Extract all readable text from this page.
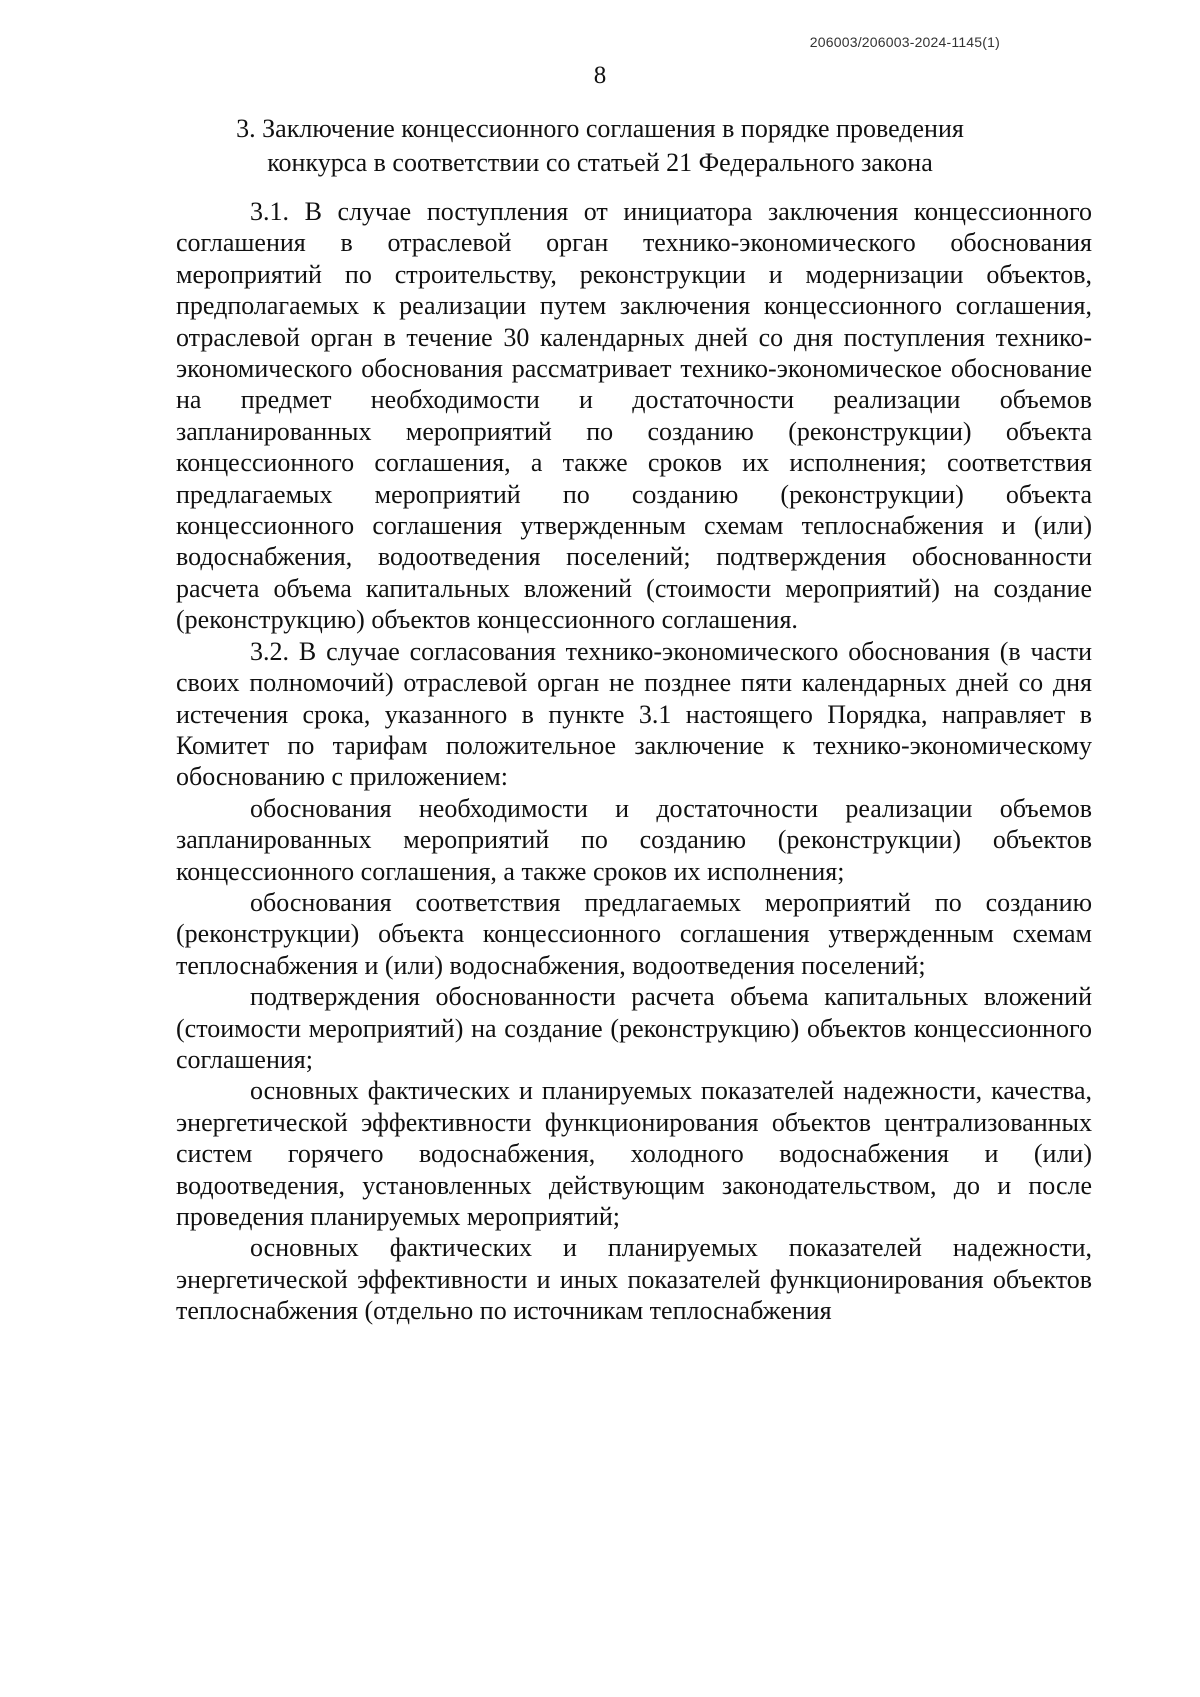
206003/206003-2024-1145(1)
8
3. Заключение концессионного соглашения в порядке проведения
конкурса в соответствии со статьей 21 Федерального закона

3.1. В случае поступления от инициатора заключения концессионного соглашения в отраслевой орган технико-экономического обоснования мероприятий по строительству, реконструкции и модернизации объектов, предполагаемых к реализации путем заключения концессионного соглашения, отраслевой орган в течение 30 календарных дней со дня поступления технико-экономического обоснования рассматривает технико-экономическое обоснование на предмет необходимости и достаточности реализации объемов запланированных мероприятий по созданию (реконструкции) объекта концессионного соглашения, а также сроков их исполнения; соответствия предлагаемых мероприятий по созданию (реконструкции) объекта концессионного соглашения утвержденным схемам теплоснабжения и (или) водоснабжения, водоотведения поселений; подтверждения обоснованности расчета объема капитальных вложений (стоимости мероприятий) на создание (реконструкцию) объектов концессионного соглашения.

3.2. В случае согласования технико-экономического обоснования (в части своих полномочий) отраслевой орган не позднее пяти календарных дней со дня истечения срока, указанного в пункте 3.1 настоящего Порядка, направляет в Комитет по тарифам положительное заключение к технико-экономическому обоснованию с приложением:

обоснования необходимости и достаточности реализации объемов запланированных мероприятий по созданию (реконструкции) объектов концессионного соглашения, а также сроков их исполнения;

обоснования соответствия предлагаемых мероприятий по созданию (реконструкции) объекта концессионного соглашения утвержденным схемам теплоснабжения и (или) водоснабжения, водоотведения поселений;

подтверждения обоснованности расчета объема капитальных вложений (стоимости мероприятий) на создание (реконструкцию) объектов концессионного соглашения;

основных фактических и планируемых показателей надежности, качества, энергетической эффективности функционирования объектов централизованных систем горячего водоснабжения, холодного водоснабжения и (или) водоотведения, установленных действующим законодательством, до и после проведения планируемых мероприятий;

основных фактических и планируемых показателей надежности, энергетической эффективности и иных показателей функционирования объектов теплоснабжения (отдельно по источникам теплоснабжения
